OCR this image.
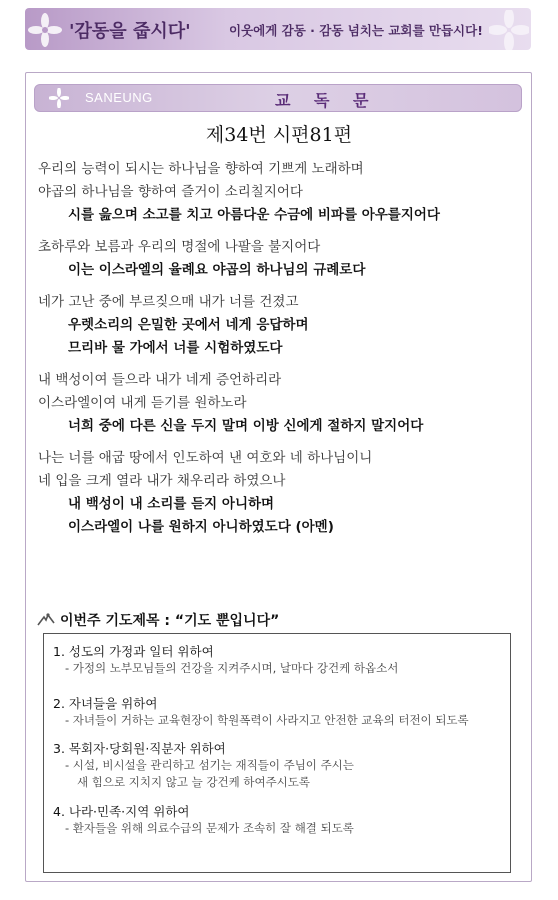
'감동을 줍시다'	이웃에게 감동 · 감동 넘치는 교회를 만듭시다!
SANEUNG	교 독 문
제34번 시편81편
우리의 능력이 되시는 하나님을 향하여 기쁘게 노래하며
야곱의 하나님을 향하여 즐거이 소리칠지어다
시를 읊으며 소고를 치고 아름다운 수금에 비파를 아우를지어다
초하루와 보름과 우리의 명절에 나팔을 불지어다
이는 이스라엘의 율례요 야곱의 하나님의 규례로다
네가 고난 중에 부르짖으매 내가 너를 건졌고
우렛소리의 은밀한 곳에서 네게 응답하며
므리바 물 가에서 너를 시험하였도다
내 백성이여 들으라 내가 네게 증언하리라
이스라엘이여 내게 듣기를 원하노라
너희 중에 다른 신을 두지 말며 이방 신에게 절하지 말지어다
나는 너를 애굽 땅에서 인도하여 낸 여호와 네 하나님이니
네 입을 크게 열라 내가 채우리라 하였으나
내 백성이 내 소리를 듣지 아니하며
이스라엘이 나를 원하지 아니하였도다 (아멘)
이번주 기도제목 : “기도 뿐입니다”
1. 성도의 가정과 일터 위하여
- 가정의 노부모님들의 건강을 지켜주시며, 날마다 강건케 하옵소서
2. 자녀들을 위하여
- 자녀들이 거하는 교육현장이 학원폭력이 사라지고 안전한 교육의 터전이 되도록
3. 목회자·당회원·직분자 위하여
- 시설, 비시설을 관리하고 섬기는 재직들이 주님이 주시는
새 힘으로 지치지 않고 늘 강건케 하여주시도록
4. 나라·민족·지역 위하여
- 환자들을 위해 의료수급의 문제가 조속히 잘 해결 되도록
